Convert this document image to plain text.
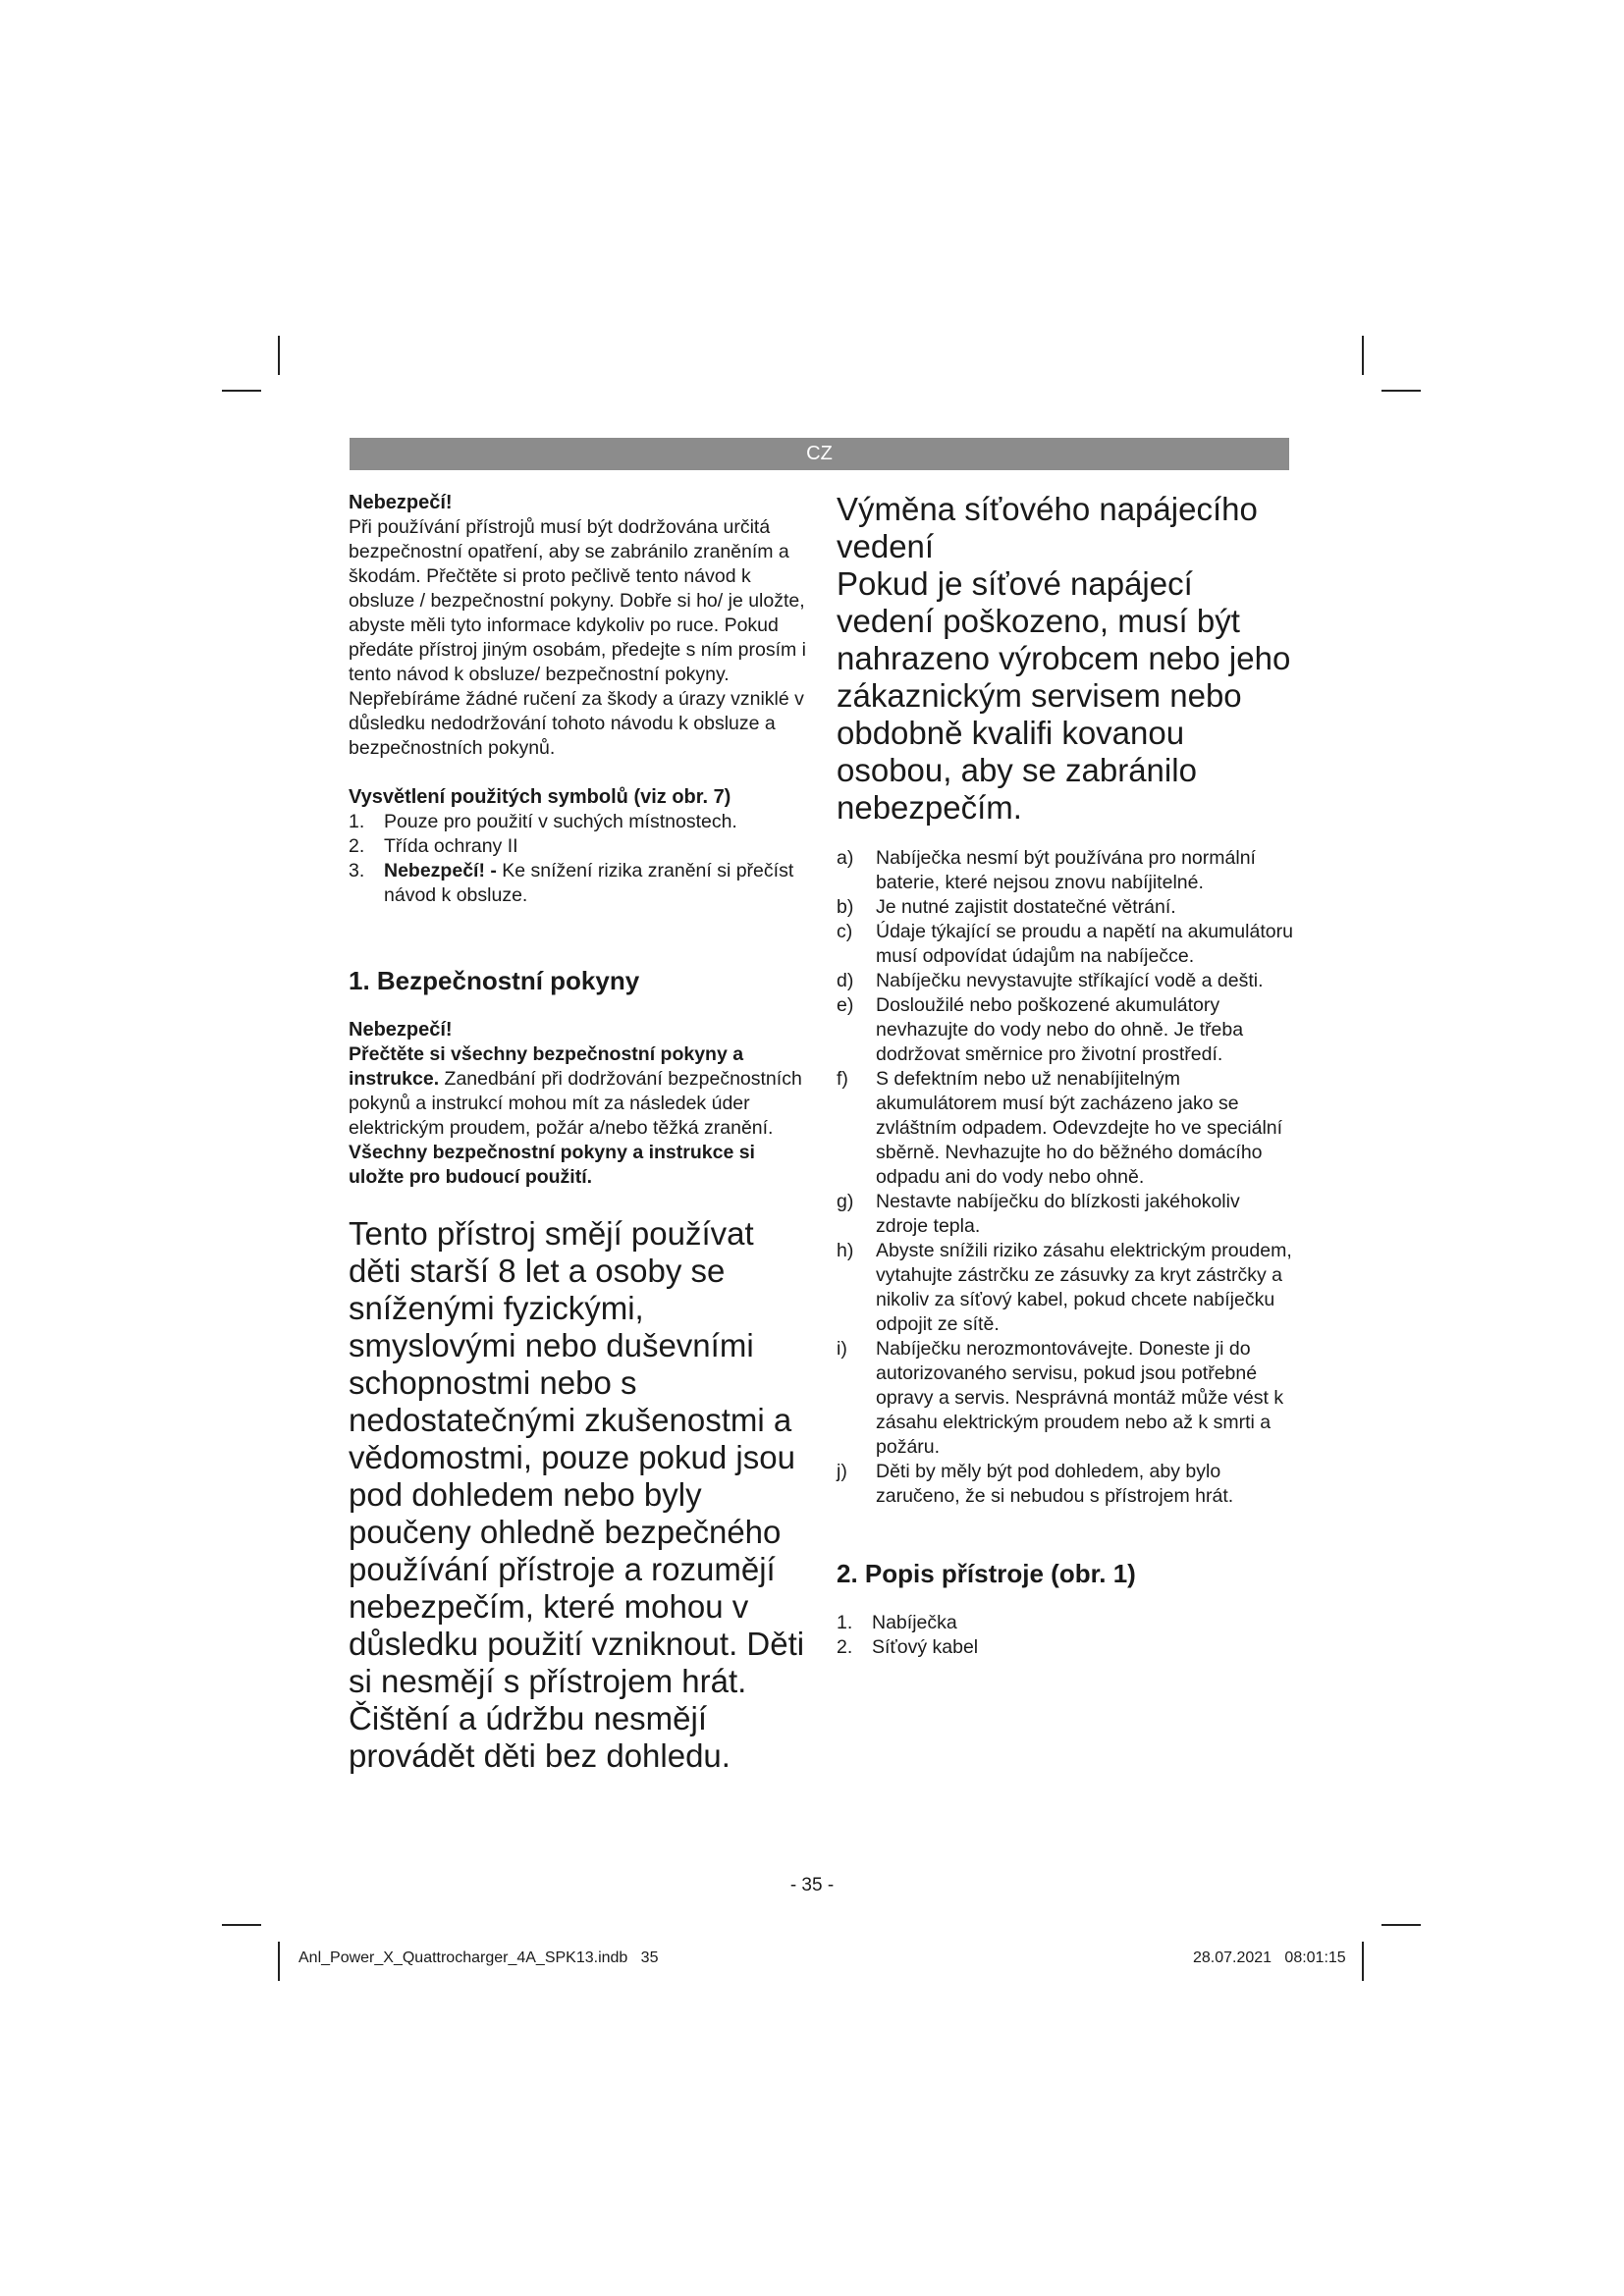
CZ

Nebezpečí!

Při používání přístrojů musí být dodržována určitá bezpečnostní opatření, aby se zabránilo zraněním a škodám. Přečtěte si proto pečlivě tento návod k obsluze / bezpečnostní pokyny. Dobře si ho/ je uložte, abyste měli tyto informace kdykoliv po ruce. Pokud předáte přístroj jiným osobám, předejte s ním prosím i tento návod k obsluze/ bezpečnostní pokyny. Nepřebíráme žádné ručení za škody a úrazy vzniklé v důsledku nedodržování tohoto návodu k obsluze a bezpečnostních pokynů.

Vysvětlení použitých symbolů (viz obr. 7)

1. Pouze pro použití v suchých místnostech.
2. Třída ochrany II
3. Nebezpečí! - Ke snížení rizika zranění si přečíst návod k obsluze.

1. Bezpečnostní pokyny

Nebezpečí!

Přečtěte si všechny bezpečnostní pokyny a instrukce. Zanedbání při dodržování bezpečnostních pokynů a instrukcí mohou mít za následek úder elektrickým proudem, požár a/nebo těžká zranění. Všechny bezpečnostní pokyny a instrukce si uložte pro budoucí použití.

Tento přístroj smějí používat děti starší 8 let a osoby se sníženými fyzickými, smyslovými nebo duševními schopnostmi nebo s nedostatečnými zkušenostmi a vědomostmi, pouze pokud jsou pod dohledem nebo byly poučeny ohledně bezpečného používání přístroje a rozumějí nebezpečím, které mohou v důsledku použití vzniknout. Děti si nesmějí s přístrojem hrát. Čištění a údržbu nesmějí provádět děti bez dohledu.

Výměna síťového napájecího vedení

Pokud je síťové napájecí vedení poškozeno, musí být nahrazeno výrobcem nebo jeho zákaznickým servisem nebo obdobně kvalifi kovanou osobou, aby se zabránilo nebezpečím.

a) Nabíječka nesmí být používána pro normální baterie, které nejsou znovu nabíjitelné.
b) Je nutné zajistit dostatečné větrání.
c) Údaje týkající se proudu a napětí na akumulátoru musí odpovídat údajům na nabíječce.
d) Nabíječku nevystavujte stříkající vodě a dešti.
e) Dosloužilé nebo poškozené akumulátory nevhazujte do vody nebo do ohně. Je třeba dodržovat směrnice pro životní prostředí.
f) S defektním nebo už nenabíjitelným akumulátorem musí být zacházeno jako se zvláštním odpadem. Odevzdejte ho ve speciální sběrně. Nevhazujte ho do běžného domácího odpadu ani do vody nebo ohně.
g) Nestavte nabíječku do blízkosti jakéhokoliv zdroje tepla.
h) Abyste snížili riziko zásahu elektrickým proudem, vytahujte zástrčku ze zásuvky za kryt zástrčky a nikoliv za síťový kabel, pokud chcete nabíječku odpojit ze sítě.
i) Nabíječku nerozmontovávejte. Doneste ji do autorizovaného servisu, pokud jsou potřebné opravy a servis. Nesprávná montáž může vést k zásahu elektrickým proudem nebo až k smrti a požáru.
j) Děti by měly být pod dohledem, aby bylo zaručeno, že si nebudou s přístrojem hrát.

2. Popis přístroje (obr. 1)

1. Nabíječka
2. Síťový kabel
- 35 -
Anl_Power_X_Quattrocharger_4A_SPK13.indb   35	28.07.2021   08:01:15
